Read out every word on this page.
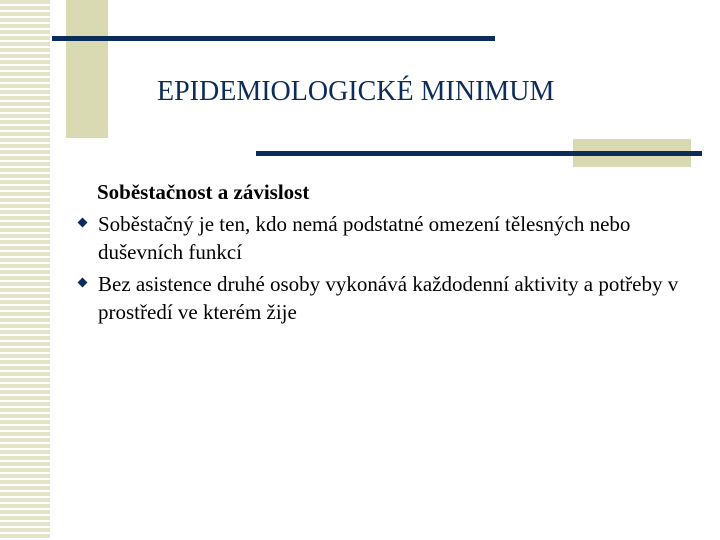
EPIDEMIOLOGICKÉ MINIMUM

Soběstačnost a závislost

Soběstačný je ten, kdo nemá podstatné omezení tělesných nebo duševních funkcí
Bez asistence druhé osoby vykonává každodenní aktivity a potřeby v prostředí ve kterém žije
